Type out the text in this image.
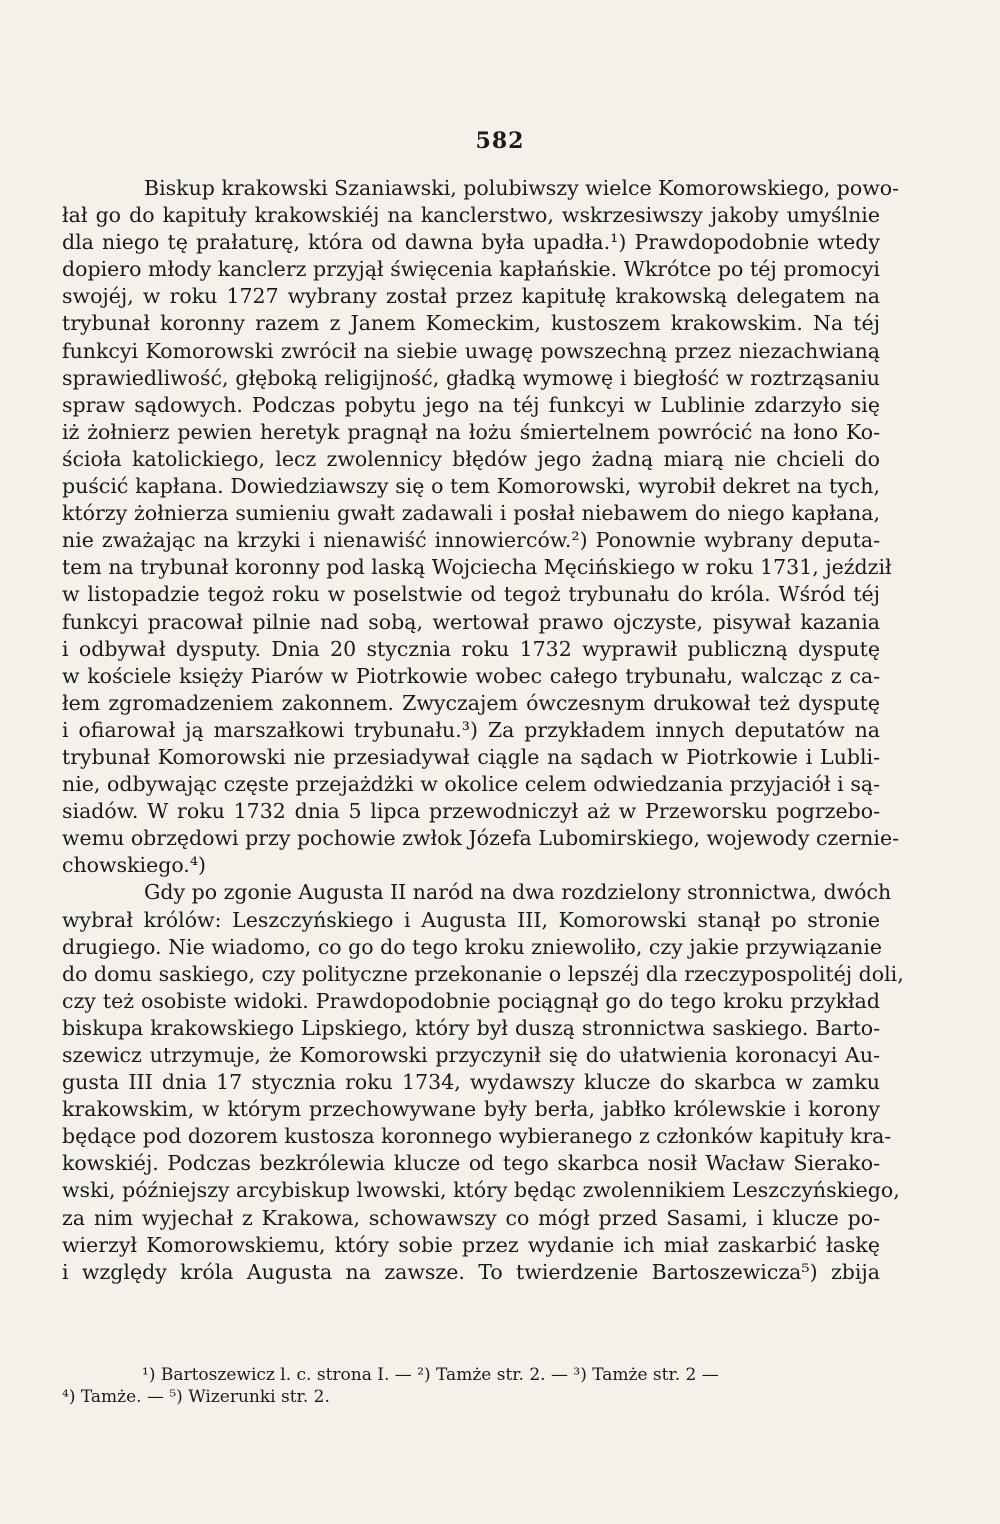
582
Biskup krakowski Szaniawski, polubiwszy wielce Komorowskiego, powo-
łał go do kapituły krakowskiéj na kanclerstwo, wskrzesiwszy jakoby umyślnie
dla niego tę prałaturę, która od dawna była upadła.¹) Prawdopodobnie wtedy
dopiero młody kanclerz przyjął święcenia kapłańskie. Wkrótce po téj promocyi
swojéj, w roku 1727 wybrany został przez kapitułę krakowską delegatem na
trybunał koronny razem z Janem Komeckim, kustoszem krakowskim. Na téj
funkcyi Komorowski zwrócił na siebie uwagę powszechną przez niezachwianą
sprawiedliwość, głęboką religijność, gładką wymowę i biegłość w roztrząsaniu
spraw sądowych. Podczas pobytu jego na téj funkcyi w Lublinie zdarzyło się
iż żołnierz pewien heretyk pragnął na łożu śmiertelnem powrócić na łono Ko-
ścioła katolickiego, lecz zwolennicy błędów jego żadną miarą nie chcieli do
puścić kapłana. Dowiedziawszy się o tem Komorowski, wyrobił dekret na tych,
którzy żołnierza sumieniu gwałt zadawali i posłał niebawem do niego kapłana,
nie zważając na krzyki i nienawiść innowierców.²) Ponownie wybrany deputa-
tem na trybunał koronny pod laską Wojciecha Męcińskiego w roku 1731, jeździł
w listopadzie tegoż roku w poselstwie od tegoż trybunału do króla. Wśród téj
funkcyi pracował pilnie nad sobą, wertował prawo ojczyste, pisywał kazania
i odbywał dysputy. Dnia 20 stycznia roku 1732 wyprawił publiczną dysputę
w kościele księży Piarów w Piotrkowie wobec całego trybunału, walcząc z ca-
łem zgromadzeniem zakonnem. Zwyczajem ówczesnym drukował też dysputę
i ofiarował ją marszałkowi trybunału.³) Za przykładem innych deputatów na
trybunał Komorowski nie przesiadywał ciągle na sądach w Piotrkowie i Lubli-
nie, odbywając częste przejażdżki w okolice celem odwiedzania przyjaciół i są-
siadów. W roku 1732 dnia 5 lipca przewodniczył aż w Przeworsku pogrzebo-
wemu obrzędowi przy pochowie zwłok Józefa Lubomirskiego, wojewody czernie-
chowskiego.⁴)
Gdy po zgonie Augusta II naród na dwa rozdzielony stronnictwa, dwóch
wybrał królów: Leszczyńskiego i Augusta III, Komorowski stanął po stronie
drugiego. Nie wiadomo, co go do tego kroku zniewoliło, czy jakie przywiązanie
do domu saskiego, czy polityczne przekonanie o lepszéj dla rzeczypospolitéj doli,
czy też osobiste widoki. Prawdopodobnie pociągnął go do tego kroku przykład
biskupa krakowskiego Lipskiego, który był duszą stronnictwa saskiego. Barto-
szewicz utrzymuje, że Komorowski przyczynił się do ułatwienia koronacyi Au-
gusta III dnia 17 stycznia roku 1734, wydawszy klucze do skarbca w zamku
krakowskim, w którym przechowywane były berła, jabłko królewskie i korony
będące pod dozorem kustosza koronnego wybieranego z członków kapituły kra-
kowskiéj. Podczas bezkrólewia klucze od tego skarbca nosił Wacław Sierako-
wski, późniejszy arcybiskup lwowski, który będąc zwolennikiem Leszczyńskiego,
za nim wyjechał z Krakowa, schowawszy co mógł przed Sasami, i klucze po-
wierzył Komorowskiemu, który sobie przez wydanie ich miał zaskarbić łaskę
i względy króla Augusta na zawsze. To twierdzenie Bartoszewicza⁵) zbija
¹) Bartoszewicz l. c. strona I. — ²) Tamże str. 2. — ³) Tamże str. 2 —
⁴) Tamże. — ⁵) Wizerunki str. 2.
